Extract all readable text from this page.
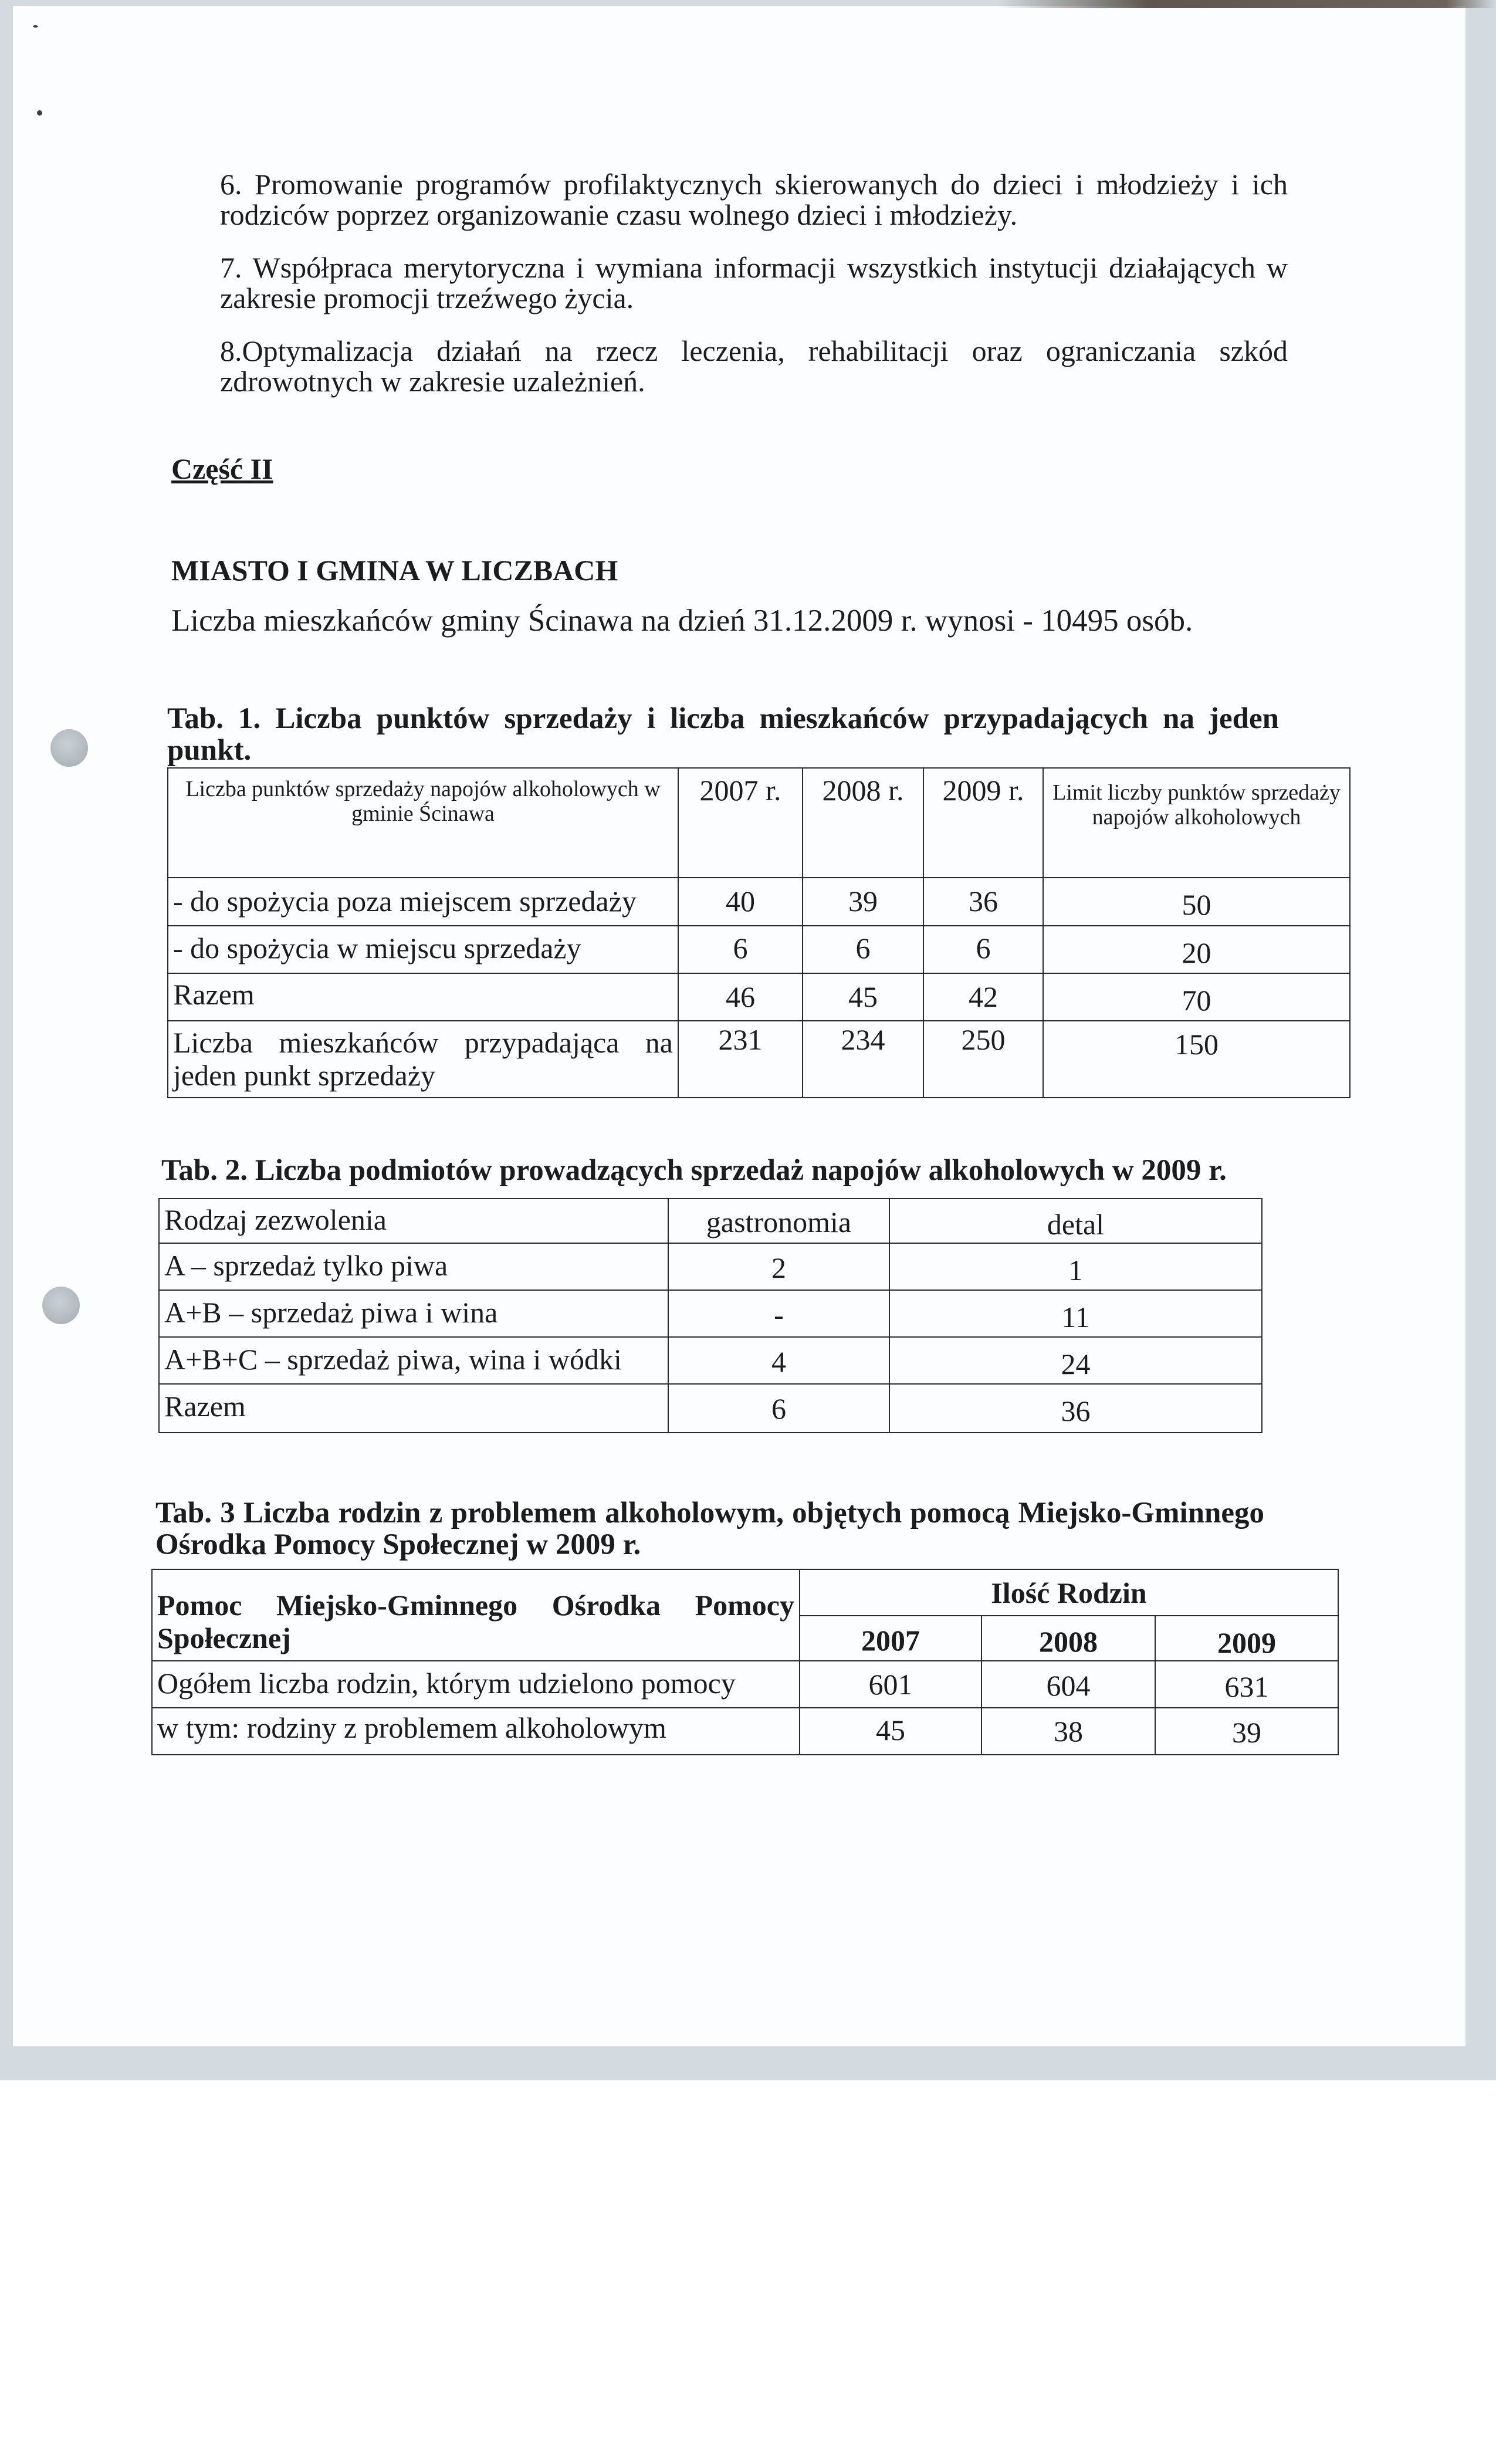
6. Promowanie programów profilaktycznych skierowanych do dzieci i młodzieży i ich
rodziców poprzez organizowanie czasu wolnego dzieci i młodzieży.
7. Współpraca merytoryczna i wymiana informacji wszystkich instytucji działających w
zakresie promocji trzeźwego życia.
8.Optymalizacja działań na rzecz leczenia, rehabilitacji oraz ograniczania szkód
zdrowotnych w zakresie uzależnień.
Część II
MIASTO I GMINA W LICZBACH
Liczba mieszkańców gminy Ścinawa na dzień 31.12.2009 r. wynosi - 10495 osób.
Tab. 1. Liczba punktów sprzedaży i liczba mieszkańców przypadających na jeden
punkt.
Liczba punktów sprzedaży napojów alkoholowych w gminie Ścinawa	2007 r.	2008 r.	2009 r.	Limit liczby punktów sprzedaży napojów alkoholowych
- do spożycia poza miejscem sprzedaży	40	39	36	50
- do spożycia w miejscu sprzedaży	6	6	6	20
Razem	46	45	42	70
Liczba mieszkańców przypadająca na jeden punkt sprzedaży	231	234	250	150
Tab. 2. Liczba podmiotów prowadzących sprzedaż napojów alkoholowych w 2009 r.
Rodzaj zezwolenia	gastronomia	detal
A – sprzedaż tylko piwa	2	1
A+B – sprzedaż piwa i wina	-	11
A+B+C – sprzedaż piwa, wina i wódki	4	24
Razem	6	36
Tab. 3 Liczba rodzin z problemem alkoholowym, objętych pomocą Miejsko-Gminnego
Ośrodka Pomocy Społecznej w 2009 r.
Pomoc Miejsko-Gminnego Ośrodka Pomocy Społecznej	Ilość Rodzin		
	2007	2008	2009
Ogółem liczba rodzin, którym udzielono pomocy	601	604	631
w tym: rodziny z problemem alkoholowym	45	38	39
